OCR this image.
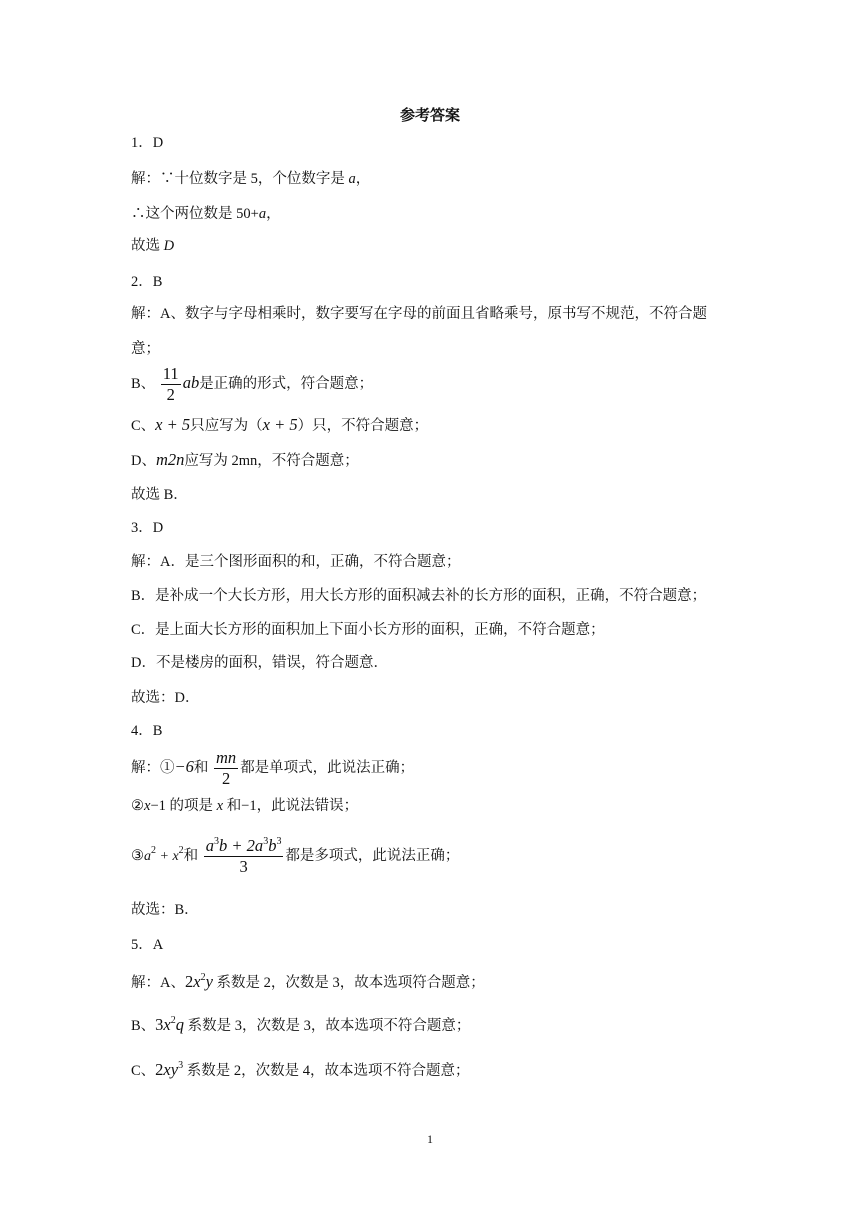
参考答案
1．D
解：∵十位数字是 5，个位数字是 a，
∴这个两位数是 50+a，
故选 D
2．B
解：A、数字与字母相乘时，数字要写在字母的前面且省略乘号，原书写不规范，不符合题
意；
B、 $\frac{11}{2}$ ab是正确的形式，符合题意；
C、x + 5只应写为（x + 5）只，不符合题意；
D、m2n应写为 2mn，不符合题意；
故选 B．
3．D
解：A．是三个图形面积的和，正确，不符合题意；
B．是补成一个大长方形，用大长方形的面积减去补的长方形的面积，正确，不符合题意；
C．是上面大长方形的面积加上下面小长方形的面积，正确，不符合题意；
D．不是楼房的面积，错误，符合题意．
故选：D．
4．B
解：①−6和 $\frac{mn}{2}$ 都是单项式，此说法正确；
②x−1 的项是 x 和−1，此说法错误；
$③a^2 + x^2$和 $\frac{a^3b + 2a^3b^3}{3}$ 都是多项式，此说法正确；
故选：B．
5．A
解：A、$2x^2y$ 系数是 2，次数是 3，故本选项符合题意；
B、$3x^2q$ 系数是 3，次数是 3，故本选项不符合题意；
C、$2xy^3$ 系数是 2，次数是 4，故本选项不符合题意；
1
